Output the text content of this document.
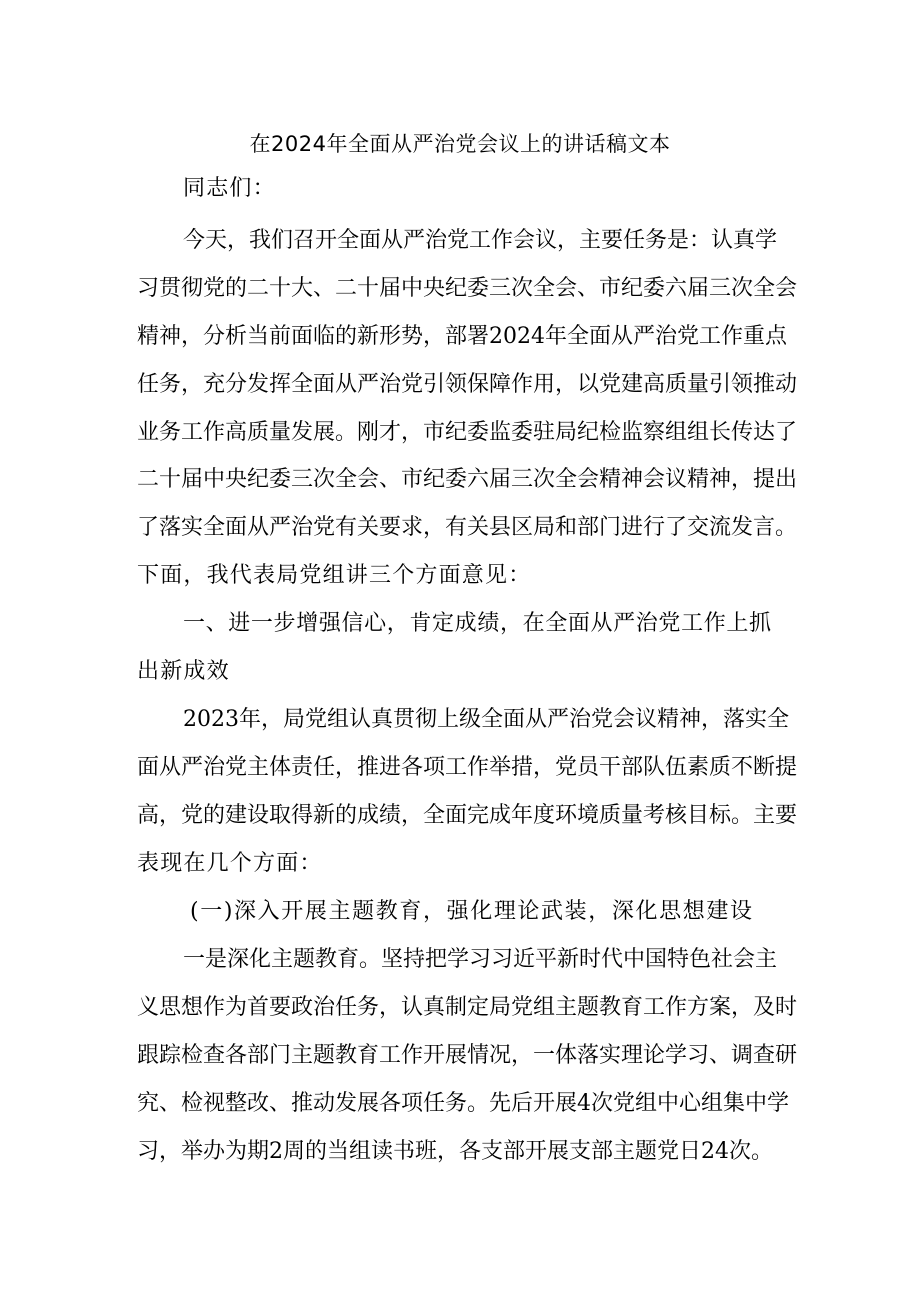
在2024年全面从严治党会议上的讲话稿文本
同志们：
今天，我们召开全面从严治党工作会议，主要任务是：认真学
习贯彻党的二十大、二十届中央纪委三次全会、市纪委六届三次全会
精神，分析当前面临的新形势，部署2024年全面从严治党工作重点
任务，充分发挥全面从严治党引领保障作用，以党建高质量引领推动
业务工作高质量发展。刚才，市纪委监委驻局纪检监察组组长传达了
二十届中央纪委三次全会、市纪委六届三次全会精神会议精神，提出
了落实全面从严治党有关要求，有关县区局和部门进行了交流发言。
下面，我代表局党组讲三个方面意见：
一、进一步增强信心，肯定成绩，在全面从严治党工作上抓
出新成效
2023年，局党组认真贯彻上级全面从严治党会议精神，落实全
面从严治党主体责任，推进各项工作举措，党员干部队伍素质不断提
高，党的建设取得新的成绩，全面完成年度环境质量考核目标。主要
表现在几个方面：
(一)深入开展主题教育，强化理论武装，深化思想建设
一是深化主题教育。坚持把学习习近平新时代中国特色社会主
义思想作为首要政治任务，认真制定局党组主题教育工作方案，及时
跟踪检查各部门主题教育工作开展情况，一体落实理论学习、调查研
究、检视整改、推动发展各项任务。先后开展4次党组中心组集中学
习，举办为期2周的当组读书班，各支部开展支部主题党日24次。
